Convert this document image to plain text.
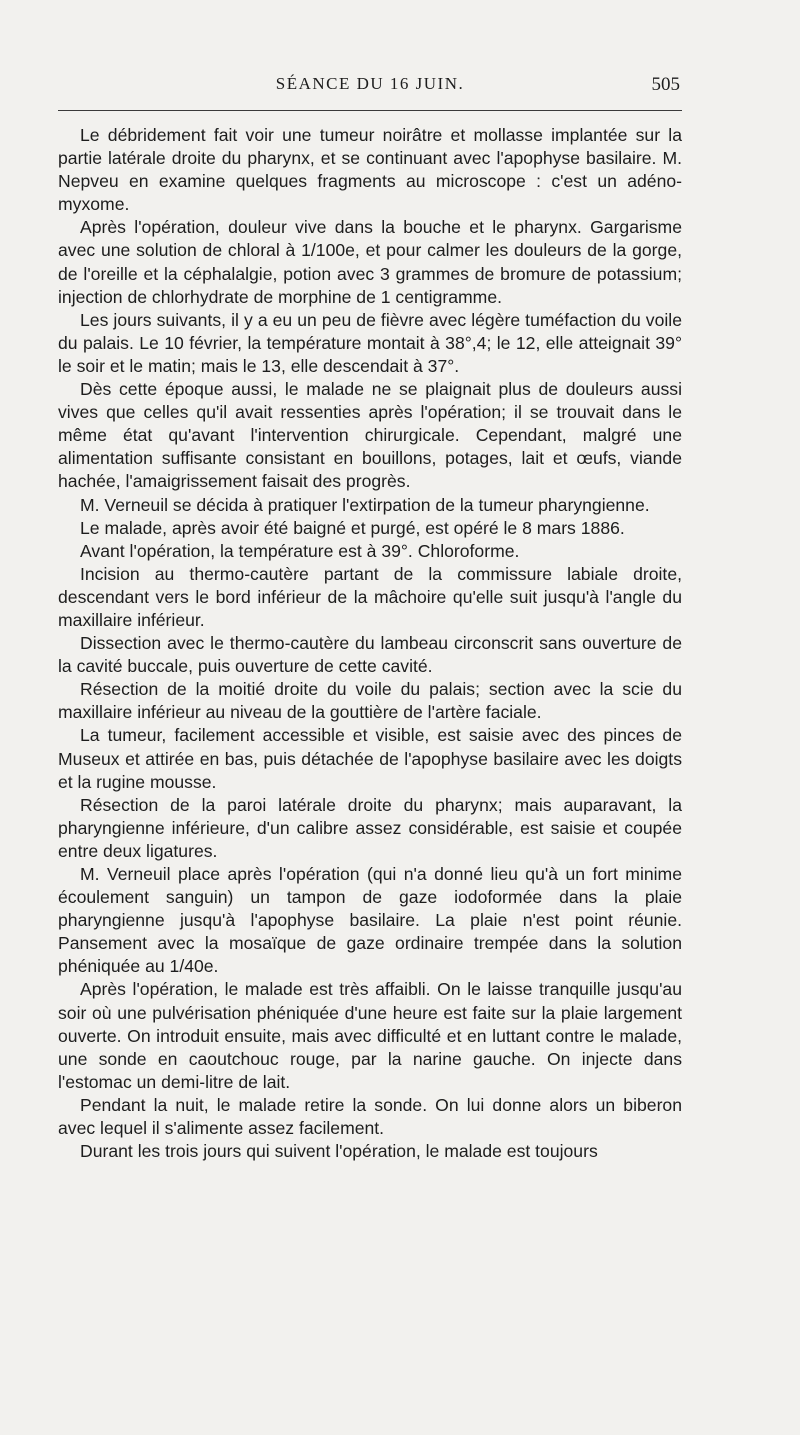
SÉANCE DU 16 JUIN.	505

Le débridement fait voir une tumeur noirâtre et mollasse implantée sur la partie latérale droite du pharynx, et se continuant avec l'apophyse basilaire. M. Nepveu en examine quelques fragments au microscope : c'est un adéno-myxome.

Après l'opération, douleur vive dans la bouche et le pharynx. Gargarisme avec une solution de chloral à 1/100e, et pour calmer les douleurs de la gorge, de l'oreille et la céphalalgie, potion avec 3 grammes de bromure de potassium; injection de chlorhydrate de morphine de 1 centigramme.

Les jours suivants, il y a eu un peu de fièvre avec légère tuméfaction du voile du palais. Le 10 février, la température montait à 38°,4; le 12, elle atteignait 39° le soir et le matin; mais le 13, elle descendait à 37°.

Dès cette époque aussi, le malade ne se plaignait plus de douleurs aussi vives que celles qu'il avait ressenties après l'opération; il se trouvait dans le même état qu'avant l'intervention chirurgicale. Cependant, malgré une alimentation suffisante consistant en bouillons, potages, lait et œufs, viande hachée, l'amaigrissement faisait des progrès.

M. Verneuil se décida à pratiquer l'extirpation de la tumeur pharyngienne.

Le malade, après avoir été baigné et purgé, est opéré le 8 mars 1886.

Avant l'opération, la température est à 39°. Chloroforme.

Incision au thermo-cautère partant de la commissure labiale droite, descendant vers le bord inférieur de la mâchoire qu'elle suit jusqu'à l'angle du maxillaire inférieur.

Dissection avec le thermo-cautère du lambeau circonscrit sans ouverture de la cavité buccale, puis ouverture de cette cavité.

Résection de la moitié droite du voile du palais; section avec la scie du maxillaire inférieur au niveau de la gouttière de l'artère faciale.

La tumeur, facilement accessible et visible, est saisie avec des pinces de Museux et attirée en bas, puis détachée de l'apophyse basilaire avec les doigts et la rugine mousse.

Résection de la paroi latérale droite du pharynx; mais auparavant, la pharyngienne inférieure, d'un calibre assez considérable, est saisie et coupée entre deux ligatures.

M. Verneuil place après l'opération (qui n'a donné lieu qu'à un fort minime écoulement sanguin) un tampon de gaze iodoformée dans la plaie pharyngienne jusqu'à l'apophyse basilaire. La plaie n'est point réunie. Pansement avec la mosaïque de gaze ordinaire trempée dans la solution phéniquée au 1/40e.

Après l'opération, le malade est très affaibli. On le laisse tranquille jusqu'au soir où une pulvérisation phéniquée d'une heure est faite sur la plaie largement ouverte. On introduit ensuite, mais avec difficulté et en luttant contre le malade, une sonde en caoutchouc rouge, par la narine gauche. On injecte dans l'estomac un demi-litre de lait.

Pendant la nuit, le malade retire la sonde. On lui donne alors un biberon avec lequel il s'alimente assez facilement.

Durant les trois jours qui suivent l'opération, le malade est toujours
